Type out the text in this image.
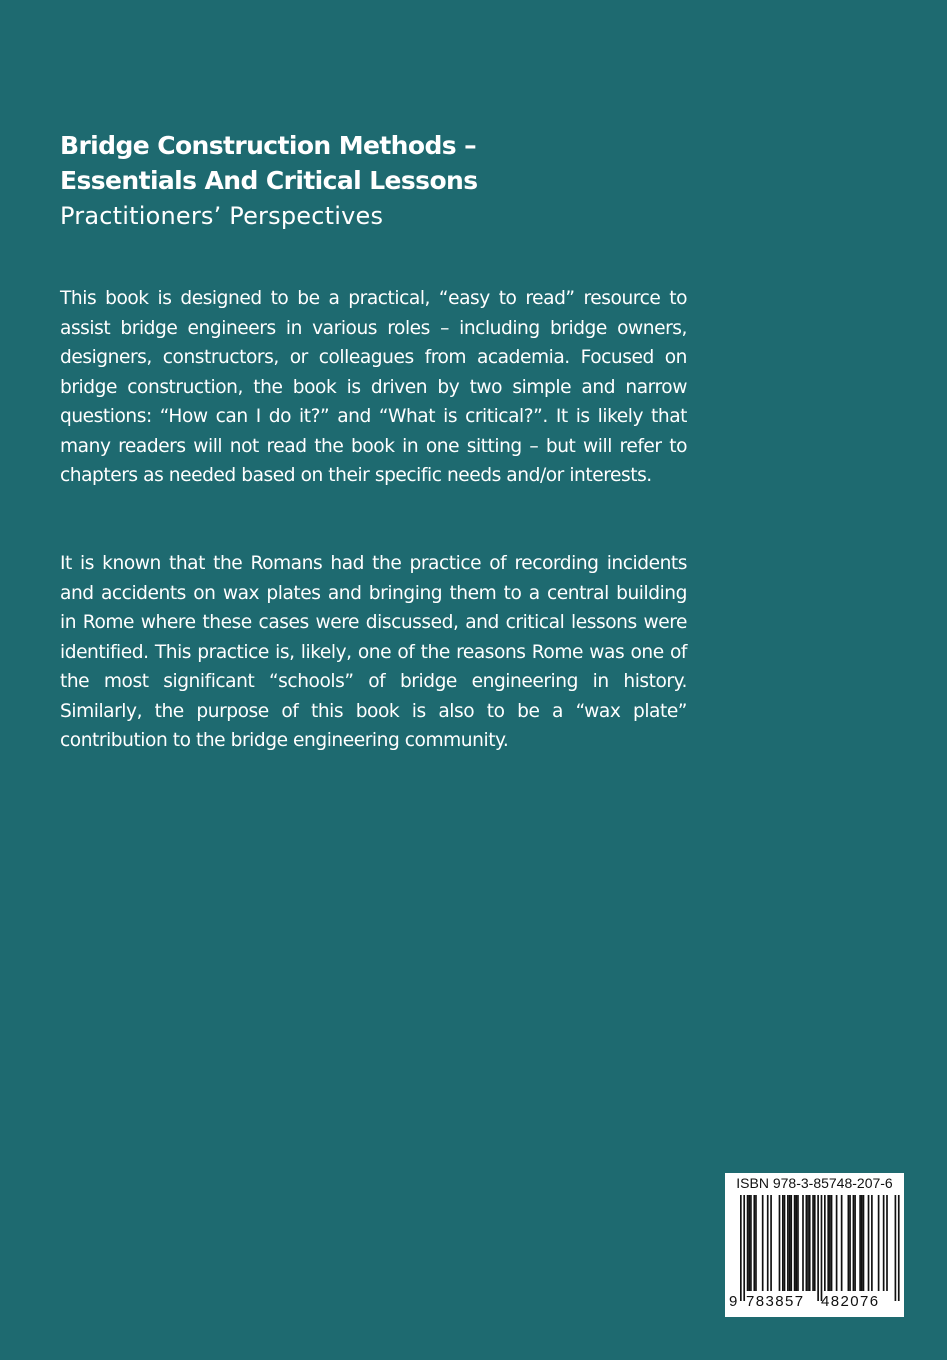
Bridge Construction Methods –
Essentials And Critical Lessons
Practitioners’ Perspectives

This book is designed to be a practical, “easy to read” resource to assist bridge engineers in various roles – including bridge owners, designers, constructors, or colleagues from academia. Focused on bridge construction, the book is driven by two simple and narrow questions: “How can I do it?” and “What is critical?”. It is likely that many readers will not read the book in one sitting – but will refer to chapters as needed based on their specific needs and/or interests.

It is known that the Romans had the practice of recording incidents and accidents on wax plates and bringing them to a central building in Rome where these cases were discussed, and critical lessons were identified. This practice is, likely, one of the reasons Rome was one of the most significant “schools” of bridge engineering in history. Similarly, the purpose of this book is also to be a “wax plate” contribution to the bridge engineering community.

ISBN 978-3-85748-207-6
9 783857 482076
